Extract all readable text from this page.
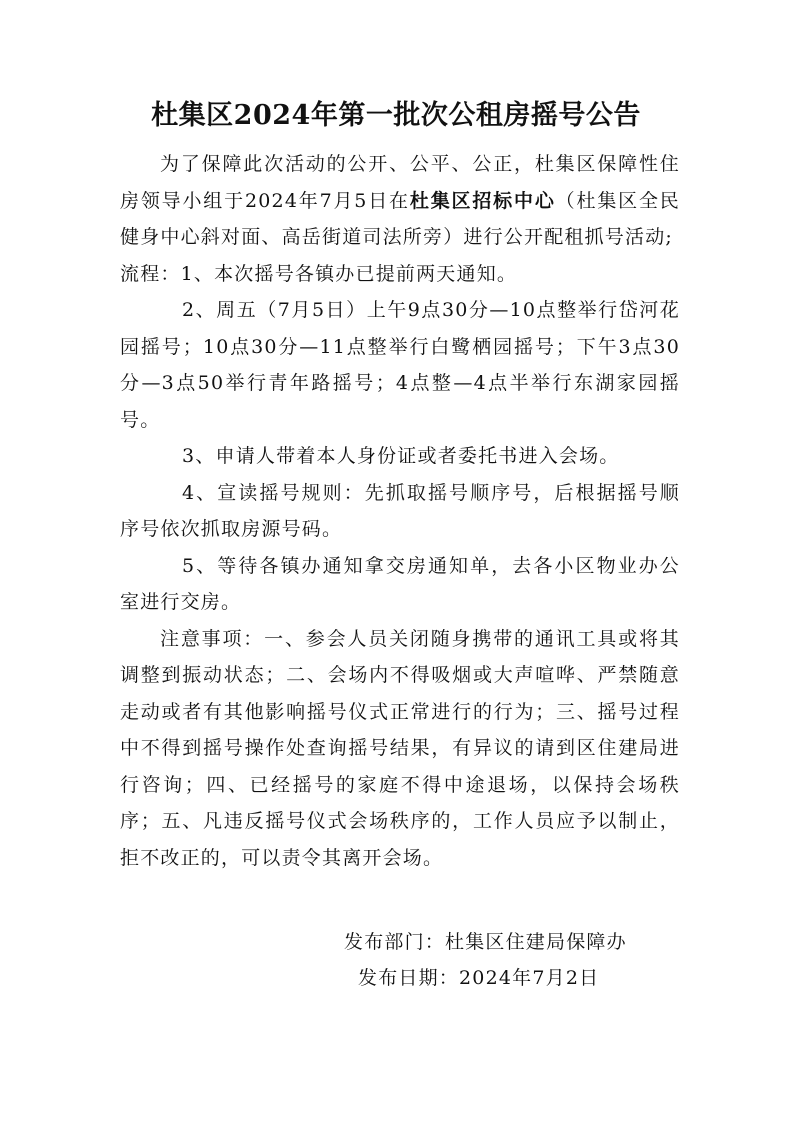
杜集区2024年第一批次公租房摇号公告

为了保障此次活动的公开、公平、公正，杜集区保障性住房领导小组于2024年7月5日在杜集区招标中心（杜集区全民健身中心斜对面、高岳街道司法所旁）进行公开配租抓号活动;

流程：1、本次摇号各镇办已提前两天通知。

2、周五（7月5日）上午9点30分—10点整举行岱河花园摇号；10点30分—11点整举行白鹭栖园摇号；下午3点30分—3点50举行青年路摇号；4点整—4点半举行东湖家园摇号。

3、申请人带着本人身份证或者委托书进入会场。

4、宣读摇号规则：先抓取摇号顺序号，后根据摇号顺序号依次抓取房源号码。

5、等待各镇办通知拿交房通知单，去各小区物业办公室进行交房。

注意事项：一、参会人员关闭随身携带的通讯工具或将其调整到振动状态；二、会场内不得吸烟或大声喧哗、严禁随意走动或者有其他影响摇号仪式正常进行的行为；三、摇号过程中不得到摇号操作处查询摇号结果，有异议的请到区住建局进行咨询；四、已经摇号的家庭不得中途退场，以保持会场秩序；五、凡违反摇号仪式会场秩序的，工作人员应予以制止，拒不改正的，可以责令其离开会场。

发布部门：杜集区住建局保障办
发布日期：2024年7月2日
